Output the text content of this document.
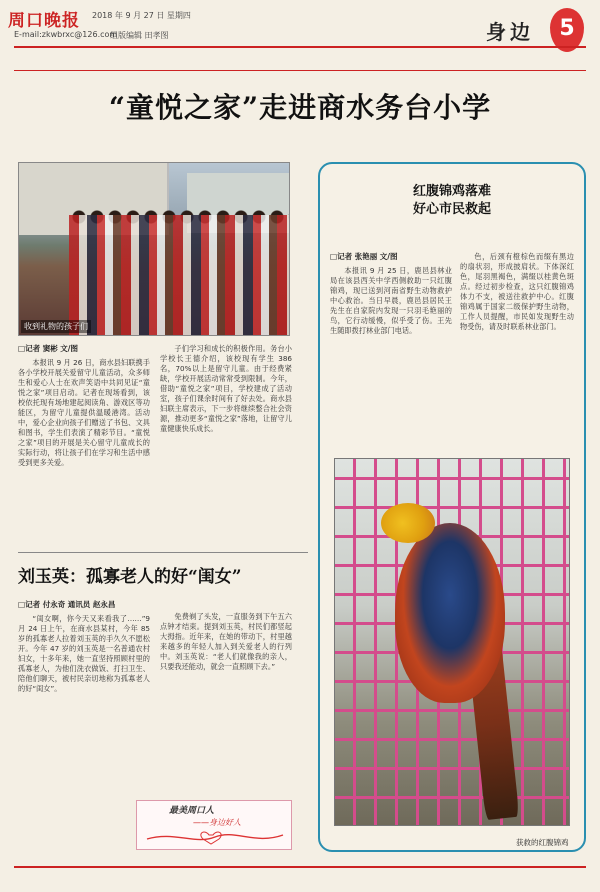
周口晚报 2018 年 9 月 27 日 星期四
E-mail:zkwbrxc@126.com
组版编辑 田孝图	身边	5
“童悦之家”走进商水务台小学
收到礼物的孩子们
□记者 窦彬 文/图

本报讯 9 月 26 日，商水县妇联携手各小学校开展关爱留守儿童活动，众多师生和爱心人士在欢声笑语中共同见证“童悦之家”项目启动。记者在现场看到，该校依托现有场地建起阅读角、游戏区等功能区，为留守儿童提供温暖港湾。活动中，爱心企业向孩子们赠送了书包、文具和图书，学生们表演了精彩节目。“童悦之家”项目的开展是关心留守儿童成长的实际行动，将让孩子们在学习和生活中感受到更多关爱。

子们学习和成长的积极作用。务台小学校长王德介绍，该校现有学生 386 名，70%以上是留守儿童。由于经费紧缺，学校开展活动常常受到限制。今年，借助“童悦之家”项目，学校建成了活动室，孩子们课余时间有了好去处。商水县妇联主席表示，下一步将继续整合社会资源，推动更多“童悦之家”落地，让留守儿童健康快乐成长。

刘玉英：孤寡老人的好“闺女”
□记者 付永奇 通讯员 赵永昌

“闺女啊，你今天又来看我了……”9 月 24 日上午，在商水县某村，今年 85 岁的孤寡老人拉着刘玉英的手久久不愿松开。今年 47 岁的刘玉英是一名普通农村妇女，十多年来，她一直坚持照顾村里的孤寡老人，为他们洗衣做饭、打扫卫生、陪他们聊天，被村民亲切地称为孤寡老人的好“闺女”。

免费剃了头发，一直服务到下午五六点钟才结束。提到刘玉英，村民们都竖起大拇指。近年来，在她的带动下，村里越来越多的年轻人加入到关爱老人的行列中。刘玉英说：“老人们就像我的亲人，只要我还能动，就会一直照顾下去。”

最美周口人
——身边好人
红腹锦鸡落难
好心市民救起
□记者 张艳丽 文/图

本报讯 9 月 25 日，鹿邑县林业局在该县西关中学西侧救助一只红腹锦鸡，现已送到河南省野生动物救护中心救治。当日早晨，鹿邑县居民王先生在自家院内发现一只羽毛艳丽的鸟，它行动缓慢，似乎受了伤。王先生随即拨打林业部门电话。

色，后颈有橙棕色而缀有黑边的扇状羽，形成披肩状。下体深红色，尾羽黑褐色，满缀以桂黄色斑点。经过初步检查，这只红腹锦鸡体力不支，被送往救护中心。红腹锦鸡属于国家二级保护野生动物，工作人员提醒，市民如发现野生动物受伤，请及时联系林业部门。

获救的红腹锦鸡
